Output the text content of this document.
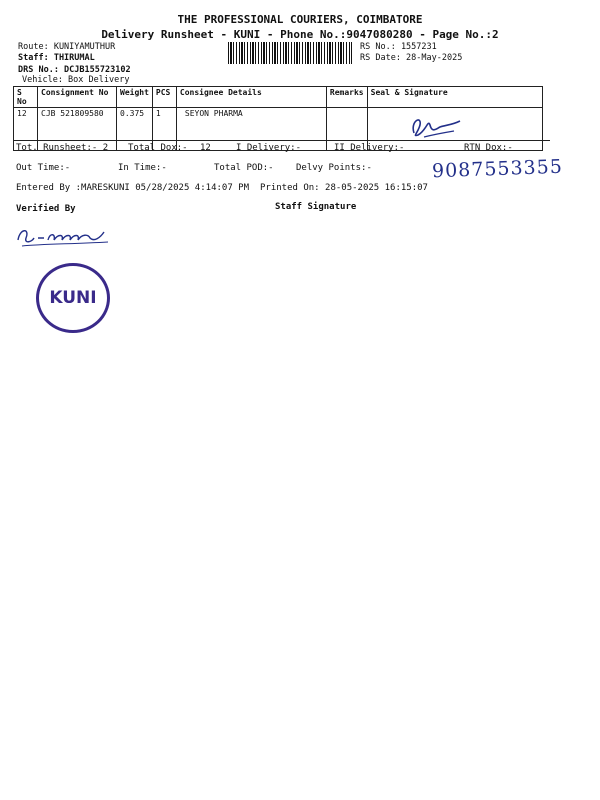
THE PROFESSIONAL COURIERS, COIMBATORE
Delivery Runsheet - KUNI - Phone No.:9047080280 - Page No.:2
Route: KUNIYAMUTHUR
Staff: THIRUMAL
DRS No.: DCJB155723102
Vehicle: Box Delivery
RS No.: 1557231
RS Date: 28-May-2025
S No	Consignment No	Weight	PCS	Consignee Details	Remarks	Seal & Signature
12	CJB 521809580	0.375	1	SEYON PHARMA		
Tot. Runsheet:- 2 Total Dox:- 12	I Delivery:-	II Delivery:-	RTN Dox:-
Out Time:-	In Time:-	Total POD:- Delvy Points:-	9087553355
Entered By :MARESKUNI 05/28/2025 4:14:07 PM Printed On: 28-05-2025 16:15:07
Verified By	Staff Signature
KUNI
